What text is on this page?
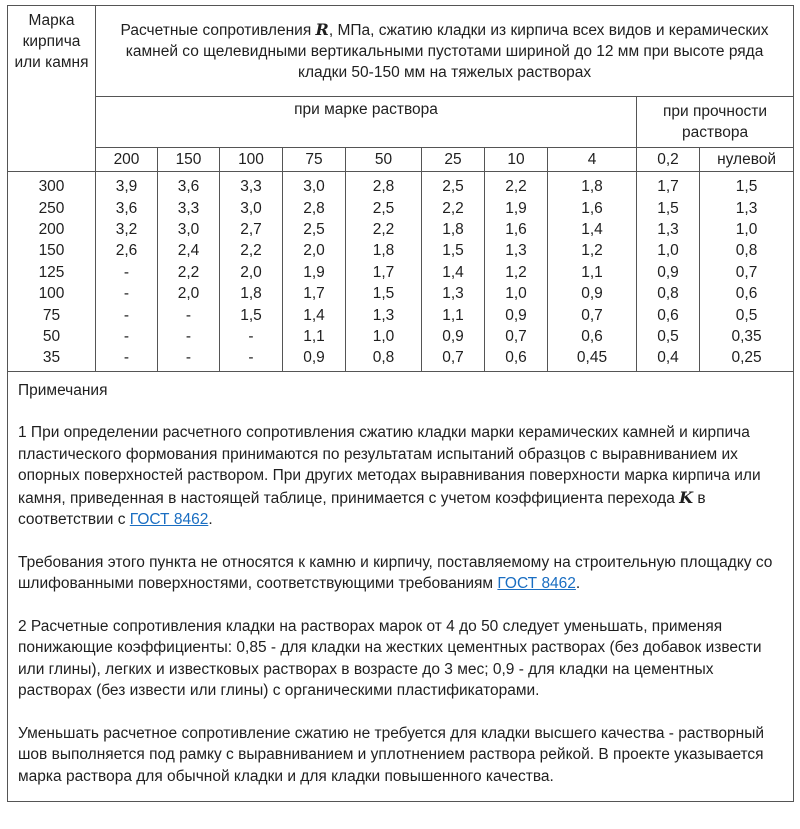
Марка кирпича или камня	Расчетные сопротивления R, МПа, сжатию кладки из кирпича всех видов и керамических камней со щелевидными вертикальными пустотами шириной до 12 мм при высоте ряда кладки 50-150 мм на тяжелых растворах									
	при марке раствора								при прочности раствора	
	200	150	100	75	50	25	10	4	0,2	нулевой
300	3,9	3,6	3,3	3,0	2,8	2,5	2,2	1,8	1,7	1,5
250	3,6	3,3	3,0	2,8	2,5	2,2	1,9	1,6	1,5	1,3
200	3,2	3,0	2,7	2,5	2,2	1,8	1,6	1,4	1,3	1,0
150	2,6	2,4	2,2	2,0	1,8	1,5	1,3	1,2	1,0	0,8
125	-	2,2	2,0	1,9	1,7	1,4	1,2	1,1	0,9	0,7
100	-	2,0	1,8	1,7	1,5	1,3	1,0	0,9	0,8	0,6
75	-	-	1,5	1,4	1,3	1,1	0,9	0,7	0,6	0,5
50	-	-	-	1,1	1,0	0,9	0,7	0,6	0,5	0,35
35	-	-	-	0,9	0,8	0,7	0,6	0,45	0,4	0,25

Примечания

1 При определении расчетного сопротивления сжатию кладки марки керамических камней и кирпича пластического формования принимаются по результатам испытаний образцов с выравниванием их опорных поверхностей раствором. При других методах выравнивания поверхности марка кирпича или камня, приведенная в настоящей таблице, принимается с учетом коэффициента перехода K в соответствии с ГОСТ 8462.

Требования этого пункта не относятся к камню и кирпичу, поставляемому на строительную площадку со шлифованными поверхностями, соответствующими требованиям ГОСТ 8462.

2 Расчетные сопротивления кладки на растворах марок от 4 до 50 следует уменьшать, применяя понижающие коэффициенты: 0,85 - для кладки на жестких цементных растворах (без добавок извести или глины), легких и известковых растворах в возрасте до 3 мес; 0,9 - для кладки на цементных растворах (без извести или глины) с органическими пластификаторами.

Уменьшать расчетное сопротивление сжатию не требуется для кладки высшего качества - растворный шов выполняется под рамку с выравниванием и уплотнением раствора рейкой. В проекте указывается марка раствора для обычной кладки и для кладки повышенного качества.										
